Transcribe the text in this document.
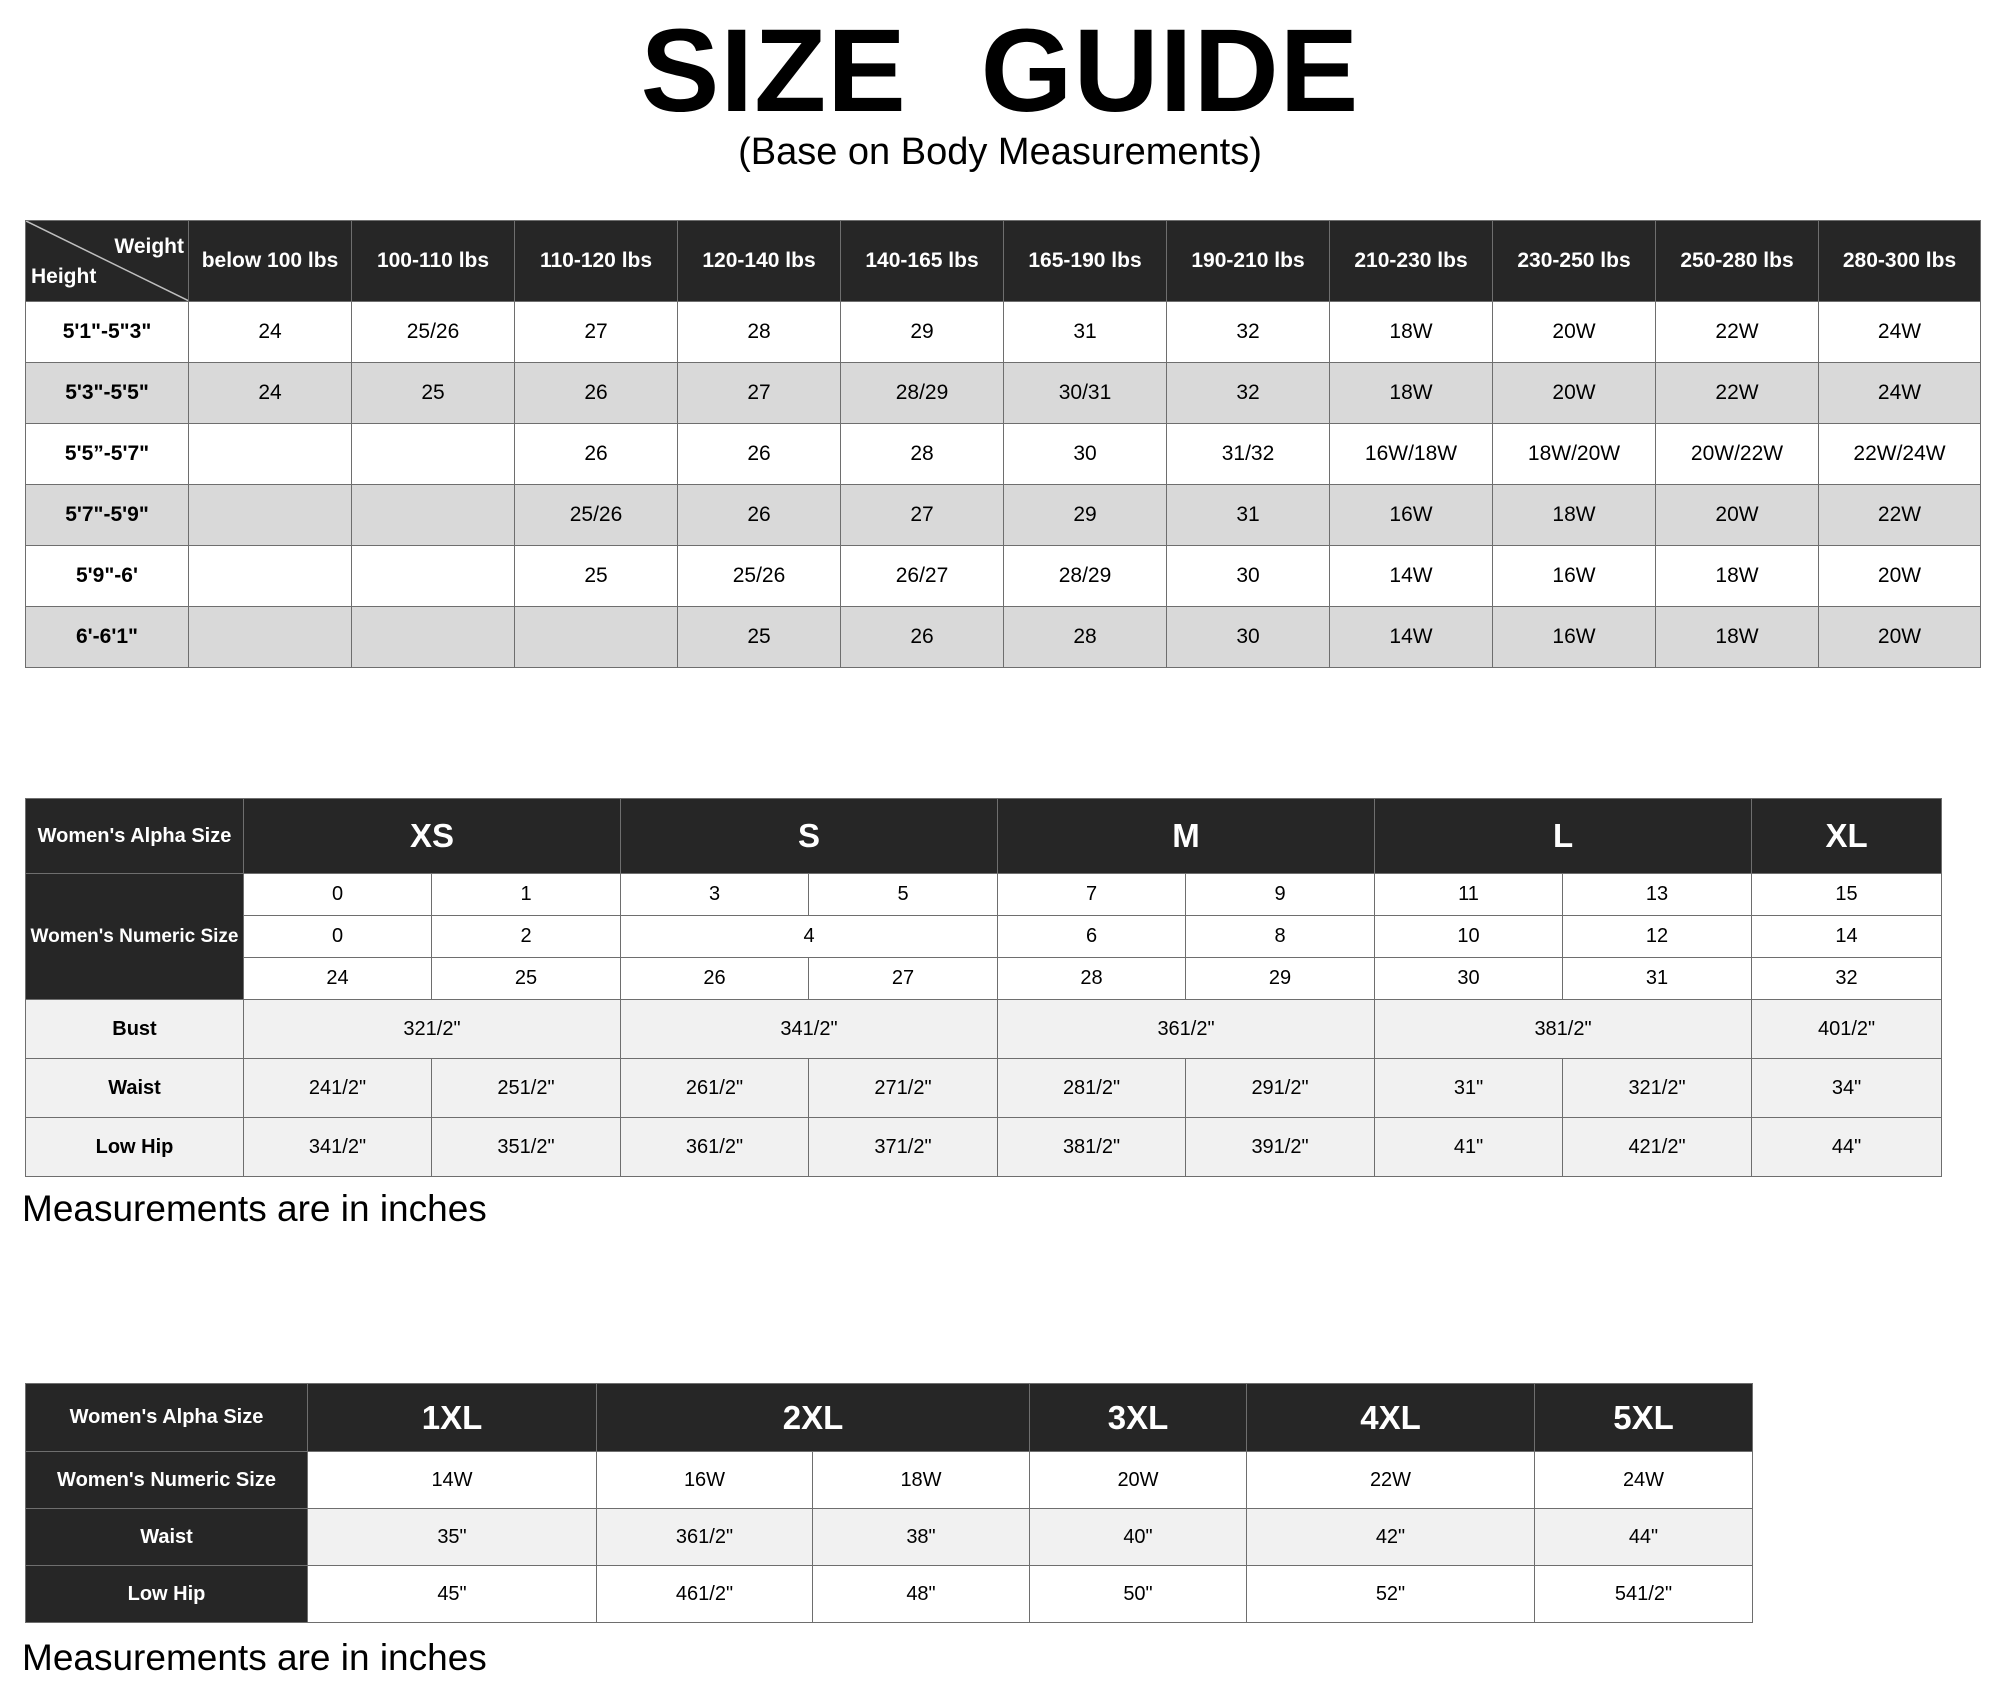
SIZE GUIDE
(Base on Body Measurements)
Weight
Height	below 100 lbs	100-110 lbs	110-120 lbs	120-140 lbs	140-165 lbs	165-190 lbs	190-210 lbs	210-230 lbs	230-250 lbs	250-280 lbs	280-300 lbs
5'1"-5"3"	24	25/26	27	28	29	31	32	18W	20W	22W	24W
5'3"-5'5"	24	25	26	27	28/29	30/31	32	18W	20W	22W	24W
5'5”-5'7"			26	26	28	30	31/32	16W/18W	18W/20W	20W/22W	22W/24W
5'7"-5'9"			25/26	26	27	29	31	16W	18W	20W	22W
5'9"-6'			25	25/26	26/27	28/29	30	14W	16W	18W	20W
6'-6'1"				25	26	28	30	14W	16W	18W	20W
Women's Alpha Size	XS		S		M		L		XL
Women's Numeric Size	0	1	3	5	7	9	11	13	15
	0	2	4		6	8	10	12	14
	24	25	26	27	28	29	30	31	32
Bust	321/2"		341/2"		361/2"		381/2"		401/2"
Waist	241/2"	251/2"	261/2"	271/2"	281/2"	291/2"	31"	321/2"	34"
Low Hip	341/2"	351/2"	361/2"	371/2"	381/2"	391/2"	41"	421/2"	44"
Measurements are in inches
Women's Alpha Size	1XL	2XL		3XL	4XL	5XL
Women's Numeric Size	14W	16W	18W	20W	22W	24W
Waist	35"	361/2"	38"	40"	42"	44"
Low Hip	45"	461/2"	48"	50"	52"	541/2"
Measurements are in inches
